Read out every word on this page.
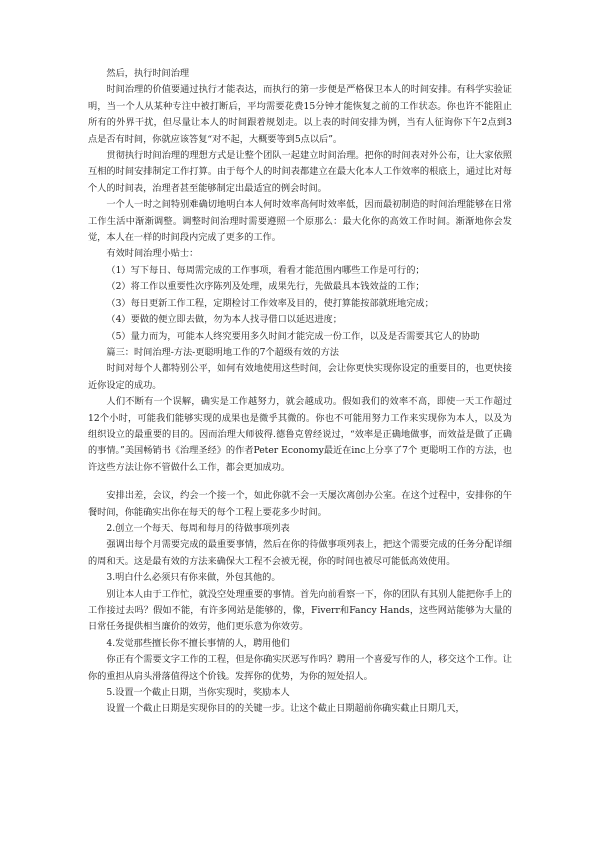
然后，执行时间治理

时间治理的价值要通过执行才能表达，而执行的第一步便是严格保卫本人的时间安排。有科学实验证明，当一个人从某种专注中被打断后，平均需要花费15分钟才能恢复之前的工作状态。你也许不能阻止所有的外界干扰，但尽量让本人的时间跟着规划走。以上表的时间安排为例，当有人征询你下午2点到3点是否有时间，你就应该答复“对不起，大概要等到5点以后”。

贯彻执行时间治理的理想方式是让整个团队一起建立时间治理。把你的时间表对外公布，让大家依照互相的时间安排制定工作打算。由于每个人的时间表都建立在最大化本人工作效率的根底上，通过比对每个人的时间表，治理者甚至能够制定出最适宜的例会时间。

一个人一时之间特别难确切地明白本人何时效率高何时效率低，因而最初制造的时间治理能够在日常工作生活中渐渐调整。调整时间治理时需要遵照一个原那么：最大化你的高效工作时间。渐渐地你会发觉，本人在一样的时间段内完成了更多的工作。

有效时间治理小贴士：

（1）写下每日、每周需完成的工作事项，看看才能范围内哪些工作是可行的；

（2）将工作以重要性次序陈列及处理，成果先行，先做最具本钱效益的工作；

（3）每日更新工作工程，定期检讨工作效率及目的，使打算能按部就班地完成；

（4）要做的便立即去做，勿为本人找寻借口以延迟进度；

（5）量力而为，可能本人终究要用多久时间才能完成一份工作，以及是否需要其它人的协助

篇三：时间治理-方法-更聪明地工作的7个超级有效的方法

时间对每个人都特别公平，如何有效地使用这些时间，会让你更快实现你设定的重要目的，也更快接近你设定的成功。

人们不断有一个误解，确实是工作越努力，就会越成功。假如我们的效率不高，即使一天工作超过12个小时，可能我们能够实现的成果也是微乎其微的。你也不可能用努力工作来实现你为本人，以及为组织设立的最重要的目的。因而治理大师彼得.德鲁克曾经说过，“效率是正确地做事，而效益是做了正确的事情。”美国畅销书《治理圣经》的作者Peter Economy最近在inc上分享了7个 更聪明工作的方法，也许这些方法让你不管做什么工作，都会更加成功。

安排出差，会议，约会一个接一个，如此你就不会一天屡次离创办公室。在这个过程中，安排你的午餐时间，你能确实出你在每天的每个工程上要花多少时间。

2.创立一个每天、每周和每月的待做事项列表

强调出每个月需要完成的最重要事情，然后在你的待做事项列表上，把这个需要完成的任务分配详细的周和天。这是最有效的方法来确保大工程不会被无视，你的时间也被尽可能低高效使用。

3.明白什么必须只有你来做，外包其他的。

别让本人由于工作忙，就没空处理重要的事情。首先向前看察一下，你的团队有其别人能把你手上的工作接过去吗？假如不能，有许多网站是能够的，像，Fiverr和Fancy Hands，这些网站能够为大量的日常任务提供相当廉价的效劳，他们更乐意为你效劳。

4.发觉那些擅长你不擅长事情的人，聘用他们

你正有个需要文字工作的工程，但是你确实厌恶写作吗？聘用一个喜爱写作的人，移交这个工作。让你的重担从肩头滑落值得这个价钱。发挥你的优势，为你的短处招人。

5.设置一个截止日期，当你实现时，奖励本人

设置一个截止日期是实现你目的的关键一步。让这个截止日期超前你确实截止日期几天，
